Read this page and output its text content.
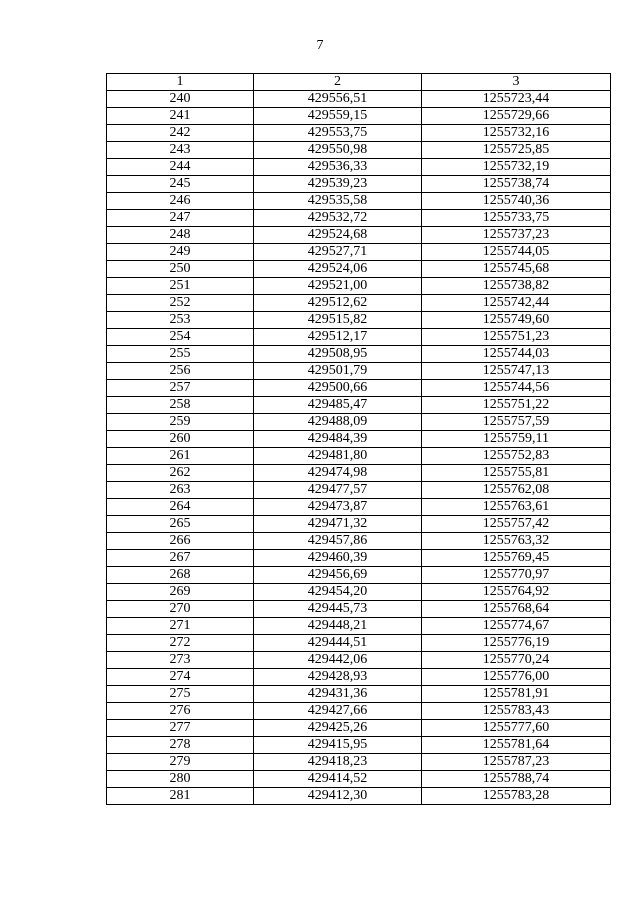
7
1	2	3
240	429556,51	1255723,44
241	429559,15	1255729,66
242	429553,75	1255732,16
243	429550,98	1255725,85
244	429536,33	1255732,19
245	429539,23	1255738,74
246	429535,58	1255740,36
247	429532,72	1255733,75
248	429524,68	1255737,23
249	429527,71	1255744,05
250	429524,06	1255745,68
251	429521,00	1255738,82
252	429512,62	1255742,44
253	429515,82	1255749,60
254	429512,17	1255751,23
255	429508,95	1255744,03
256	429501,79	1255747,13
257	429500,66	1255744,56
258	429485,47	1255751,22
259	429488,09	1255757,59
260	429484,39	1255759,11
261	429481,80	1255752,83
262	429474,98	1255755,81
263	429477,57	1255762,08
264	429473,87	1255763,61
265	429471,32	1255757,42
266	429457,86	1255763,32
267	429460,39	1255769,45
268	429456,69	1255770,97
269	429454,20	1255764,92
270	429445,73	1255768,64
271	429448,21	1255774,67
272	429444,51	1255776,19
273	429442,06	1255770,24
274	429428,93	1255776,00
275	429431,36	1255781,91
276	429427,66	1255783,43
277	429425,26	1255777,60
278	429415,95	1255781,64
279	429418,23	1255787,23
280	429414,52	1255788,74
281	429412,30	1255783,28
